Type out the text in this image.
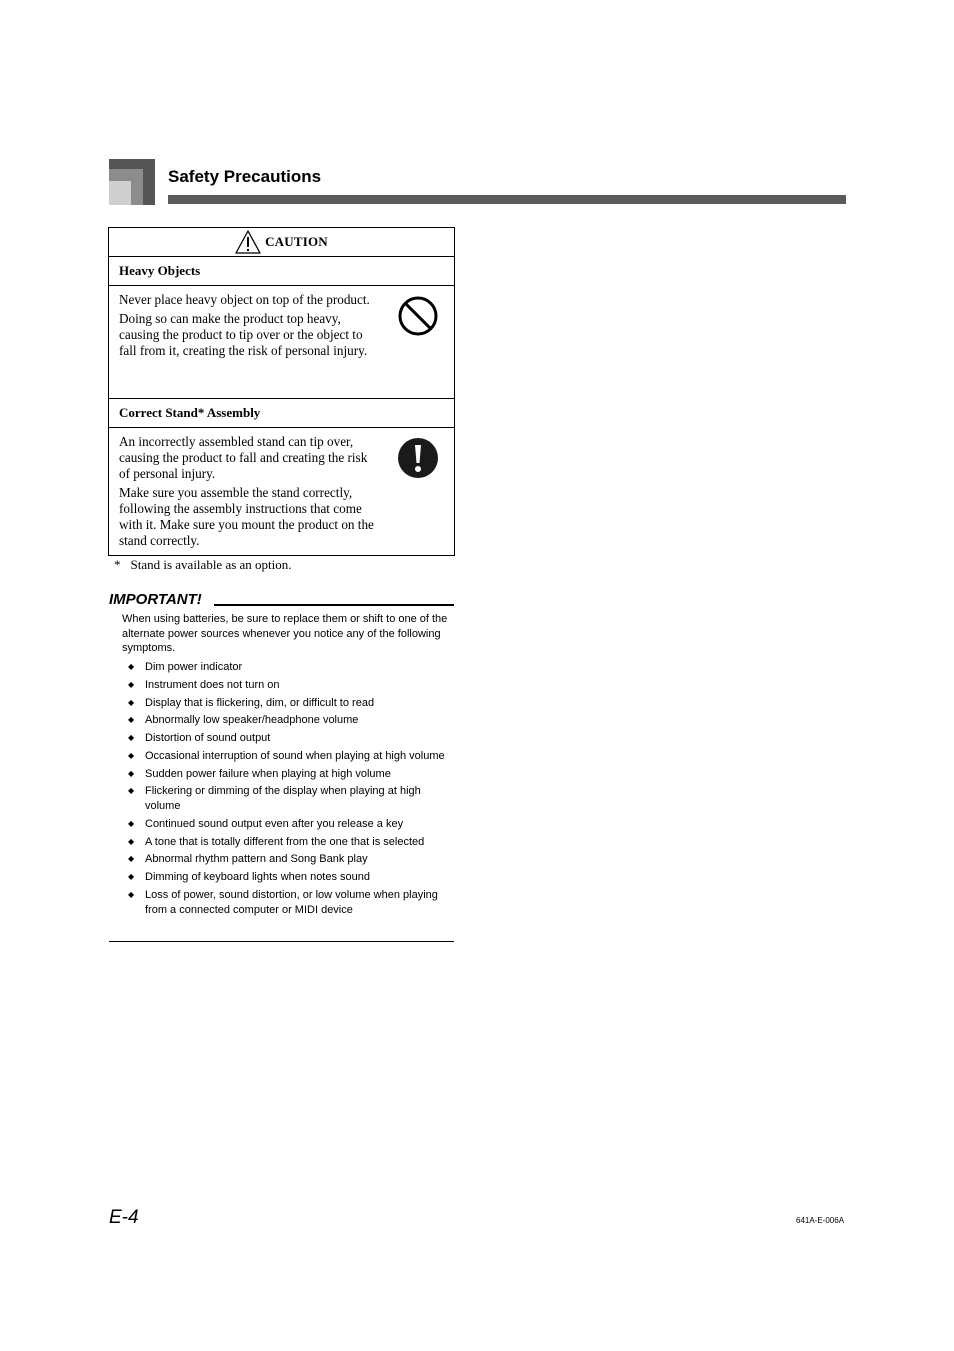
Safety Precautions
CAUTION
Heavy Objects

Never place heavy object on top of the product.

Doing so can make the product top heavy, causing the product to tip over or the object to fall from it, creating the risk of personal injury.

Correct Stand* Assembly

An incorrectly assembled stand can tip over, causing the product to fall and creating the risk of personal injury.

Make sure you assemble the stand correctly, following the assembly instructions that come with it. Make sure you mount the product on the stand correctly.

* Stand is available as an option.
IMPORTANT!
When using batteries, be sure to replace them or shift to one of the alternate power sources whenever you notice any of the following symptoms.
◆ Dim power indicator
◆ Instrument does not turn on
◆ Display that is flickering, dim, or difficult to read
◆ Abnormally low speaker/headphone volume
◆ Distortion of sound output
◆ Occasional interruption of sound when playing at high volume
◆ Sudden power failure when playing at high volume
◆ Flickering or dimming of the display when playing at high volume
◆ Continued sound output even after you release a key
◆ A tone that is totally different from the one that is selected
◆ Abnormal rhythm pattern and Song Bank play
◆ Dimming of keyboard lights when notes sound
◆ Loss of power, sound distortion, or low volume when playing from a connected computer or MIDI device
E-4	641A-E-006A
